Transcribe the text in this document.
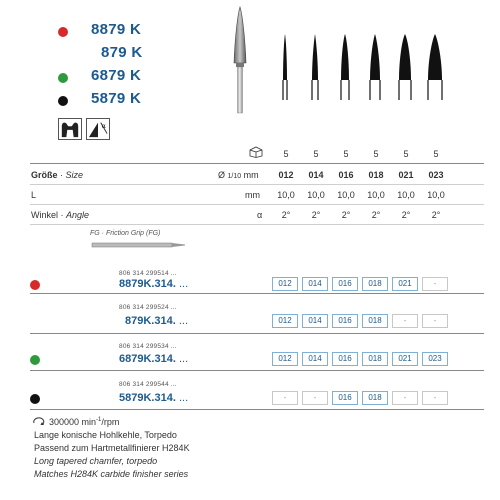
8879 K
879 K
6879 K
5879 K
α
5	5	5	5	5	5
Größe · Size	Ø 1/10 mm	012	014	016	018	021	023
L	mm	10,0	10,0	10,0	10,0	10,0	10,0
Winkel · Angle	α	2°	2°	2°	2°	2°	2°
FG · Friction Grip (FG)
806 314 299514 ...
8879K.314. ...	012	014	016	018	021	-
806 314 299524 ...
879K.314. ...	012	014	016	018	-	-
806 314 299534 ...
6879K.314. ...	012	014	016	018	021	023
806 314 299544 ...
5879K.314. ...	-	-	016	018	-	-
300000 $\min^{-1}$/rpm
Lange konische Hohlkehle, Torpedo
Passend zum Hartmetallfinierer H284K
Long tapered chamfer, torpedo
Matches H284K carbide finisher series
